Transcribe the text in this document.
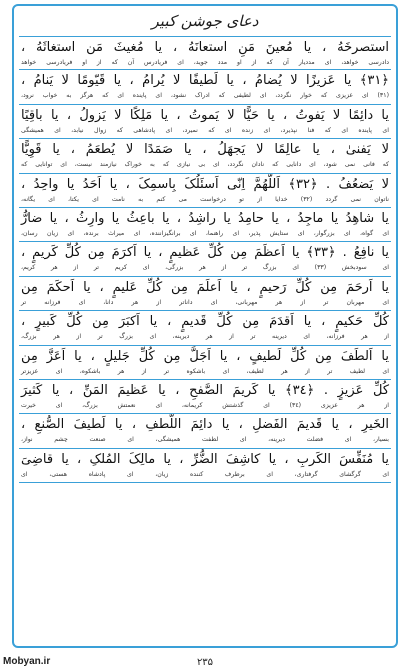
دعای جوشن کبیر
استصرخَهُ ، یا مُعینَ مَنِ استعانَهُ ، یا مُغیثَ مَن استغاثَهُ ،
دادرسی خواهد، ای مددیار آن که از او مدد جوید، ای فریادرس آن که از او فریادرسی خواهد
﴿٣١﴾ یا عَزیزًا لا یُضامُ ، یا لَطیفًا لا یُرامُ ، یا قَیّومًا لا یَنامُ ،
(٣١) ای عزیزی که خوار نگردد، ای لطیفی که ادراک نشود، ای پاینده ای که هرگز به خواب نرود،
یا دائِمًا لا یَفوتُ ، یا حَیًّا لا یَموتُ ، یا مَلِکًا لا یَزولُ ، یا باقِیًا
ای پاینده ای که فنا نپذیرد، ای زنده ای که نمیرد، ای پادشاهی که زوال نیابد، ای همیشگی
لا یَفنیٰ ، یا عالِمًا لا یَجهَلُ ، یا صَمَدًا لا یُطعَمُ ، یا قَوِیًّا
که فانی نمی شود، ای دانایی که نادان نگردد، ای بی نیازی که به خوراک نیازمند نیست، ای توانایی که
لا یَضعُفُ . ﴿٣٢﴾ اَللّهُمَّ اِنّی اَسئَلُکَ بِاسمِکَ ، یا اَحَدُ یا واحِدُ ،
ناتوان نمی گردد (٣٢) خدایا از تو درخواست می کنم به نامت ای یکتا، ای یگانه،
یا شاهِدُ یا ماجِدُ ، یا حامِدُ یا راشِدُ ، یا باعِثُ یا وارِثُ ، یا ضارُّ
ای گواه، ای بزرگوار، ای ستایش پذیر، ای راهنما، ای برانگیزاننده، ای میراث برنده، ای زیان رسان،
یا نافِعُ . ﴿٣٣﴾ یا اَعظَمَ مِن کُلِّ عَظیمٍ ، یا اَکرَمَ مِن کُلِّ کَریمٍ ،
ای سودبخش (٣٣) ای بزرگ تر از هر بزرگی، ای کریم تر از هر کریم،
یا اَرحَمَ مِن کُلِّ رَحیمٍ ، یا اَعلَمَ مِن کُلِّ عَلیمٍ ، یا اَحکَمَ مِن
ای مهربان تر از هر مهربانی، ای داناتر از هر دانا، ای فرزانه تر
کُلِّ حَکیمٍ ، یا اَقدَمَ مِن کُلِّ قَدیمٍ ، یا اَکبَرَ مِن کُلِّ کَبیرٍ ،
از هر فرزانه، ای دیرینه تر از هر دیرینه، ای بزرگ تر از هر بزرگ،
یا اَلطَفَ مِن کُلِّ لَطیفٍ ، یا اَجَلَّ مِن کُلِّ جَلیلٍ ، یا اَعَزَّ مِن
ای لطیف تر از هر لطیف، ای باشکوه تر از هر باشکوه، ای عزیزتر
کُلِّ عَزیزٍ . ﴿٣٤﴾ یا کَریمَ الصَّفحِ ، یا عَظیمَ المَنِّ ، یا کَثیرَ
از هر عزیزی (٣٤) ای گذشتش کریمانه، ای نعمتش بزرگ، ای خیرت
الخَیرِ ، یا قَدیمَ الفَضلِ ، یا دائِمَ اللُّطفِ ، یا لَطیفَ الصُّنعِ ،
بسیار، ای فضلت دیرینه، ای لطفت همیشگی، ای صنعت چشم نواز،
یا مُنَفِّسَ الکَربِ ، یا کاشِفَ الضُّرِّ ، یا مالِکَ المُلکِ ، یا قاضِیَ
ای گرگشای گرفتاری، ای برطرف کننده زیان، ای پادشاه هستی، ای
۲۳۵
Mobyan.ir
